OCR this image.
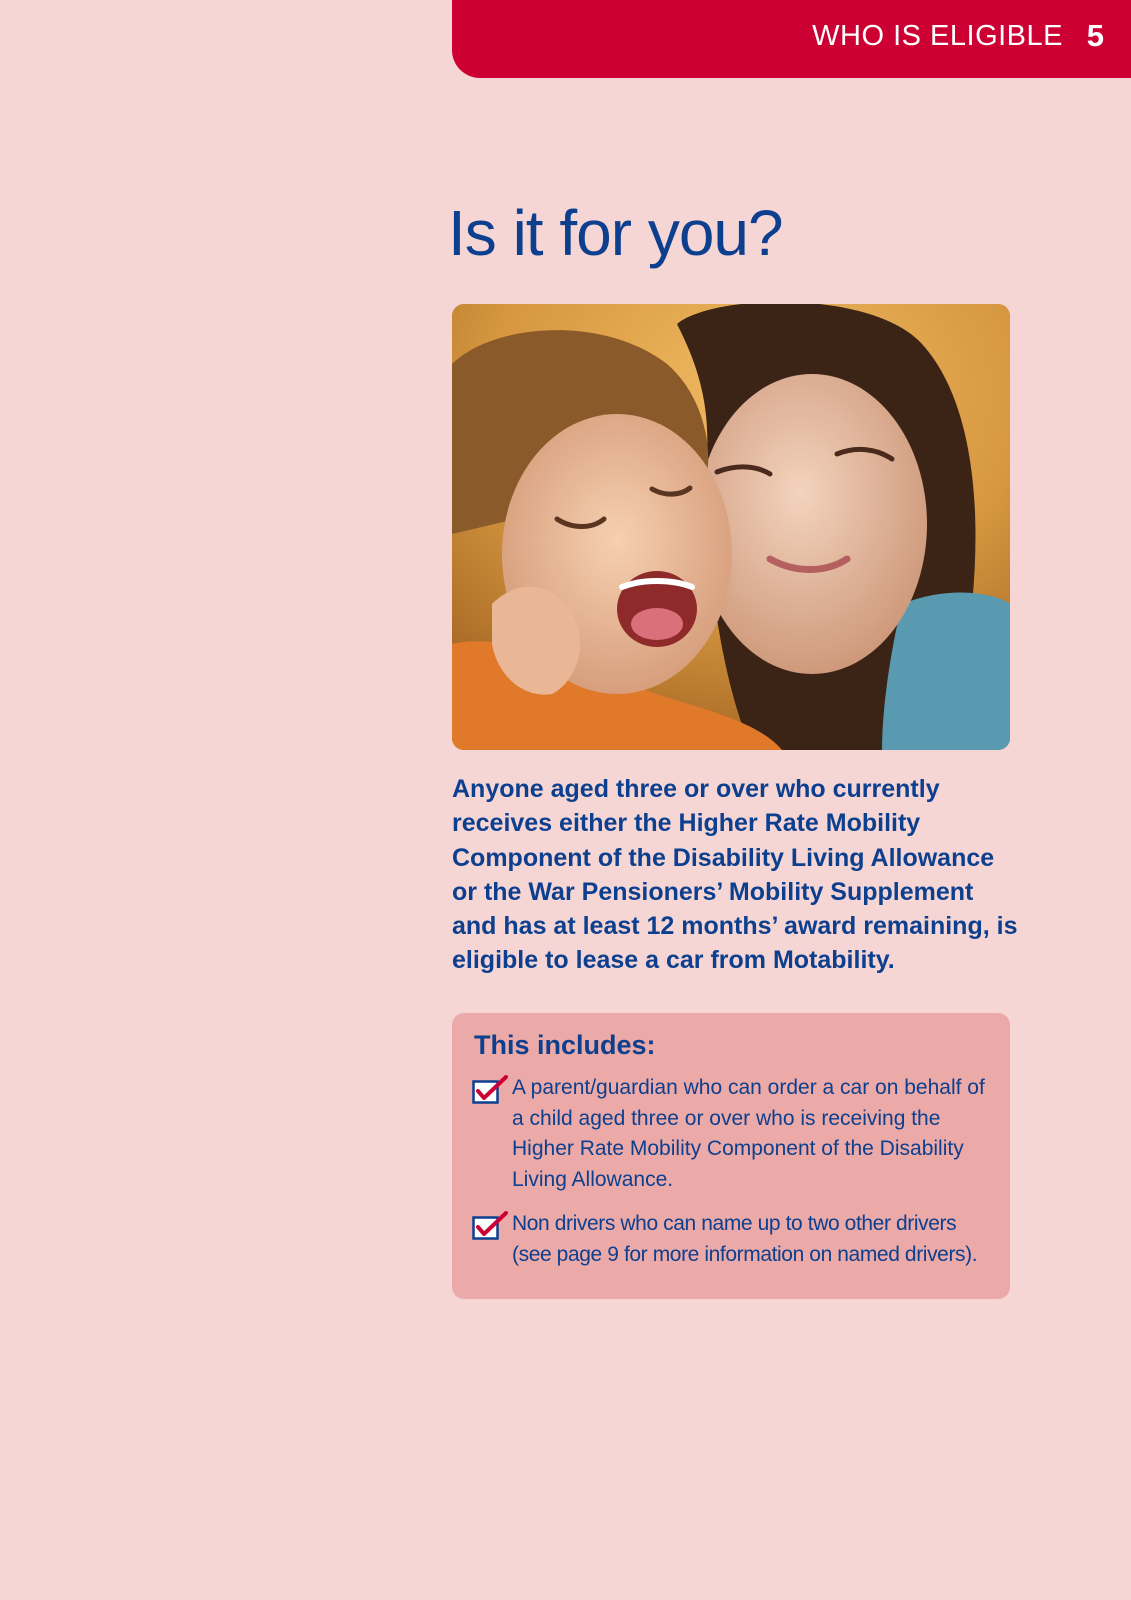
WHO IS ELIGIBLE 5
Is it for you?

Anyone aged three or over who currently receives either the Higher Rate Mobility Component of the Disability Living Allowance or the War Pensioners’ Mobility Supplement and has at least 12 months’ award remaining, is eligible to lease a car from Motability.

This includes:

A parent/guardian who can order a car on behalf of a child aged three or over who is receiving the Higher Rate Mobility Component of the Disability Living Allowance.

Non drivers who can name up to two other drivers (see page 9 for more information on named drivers).
